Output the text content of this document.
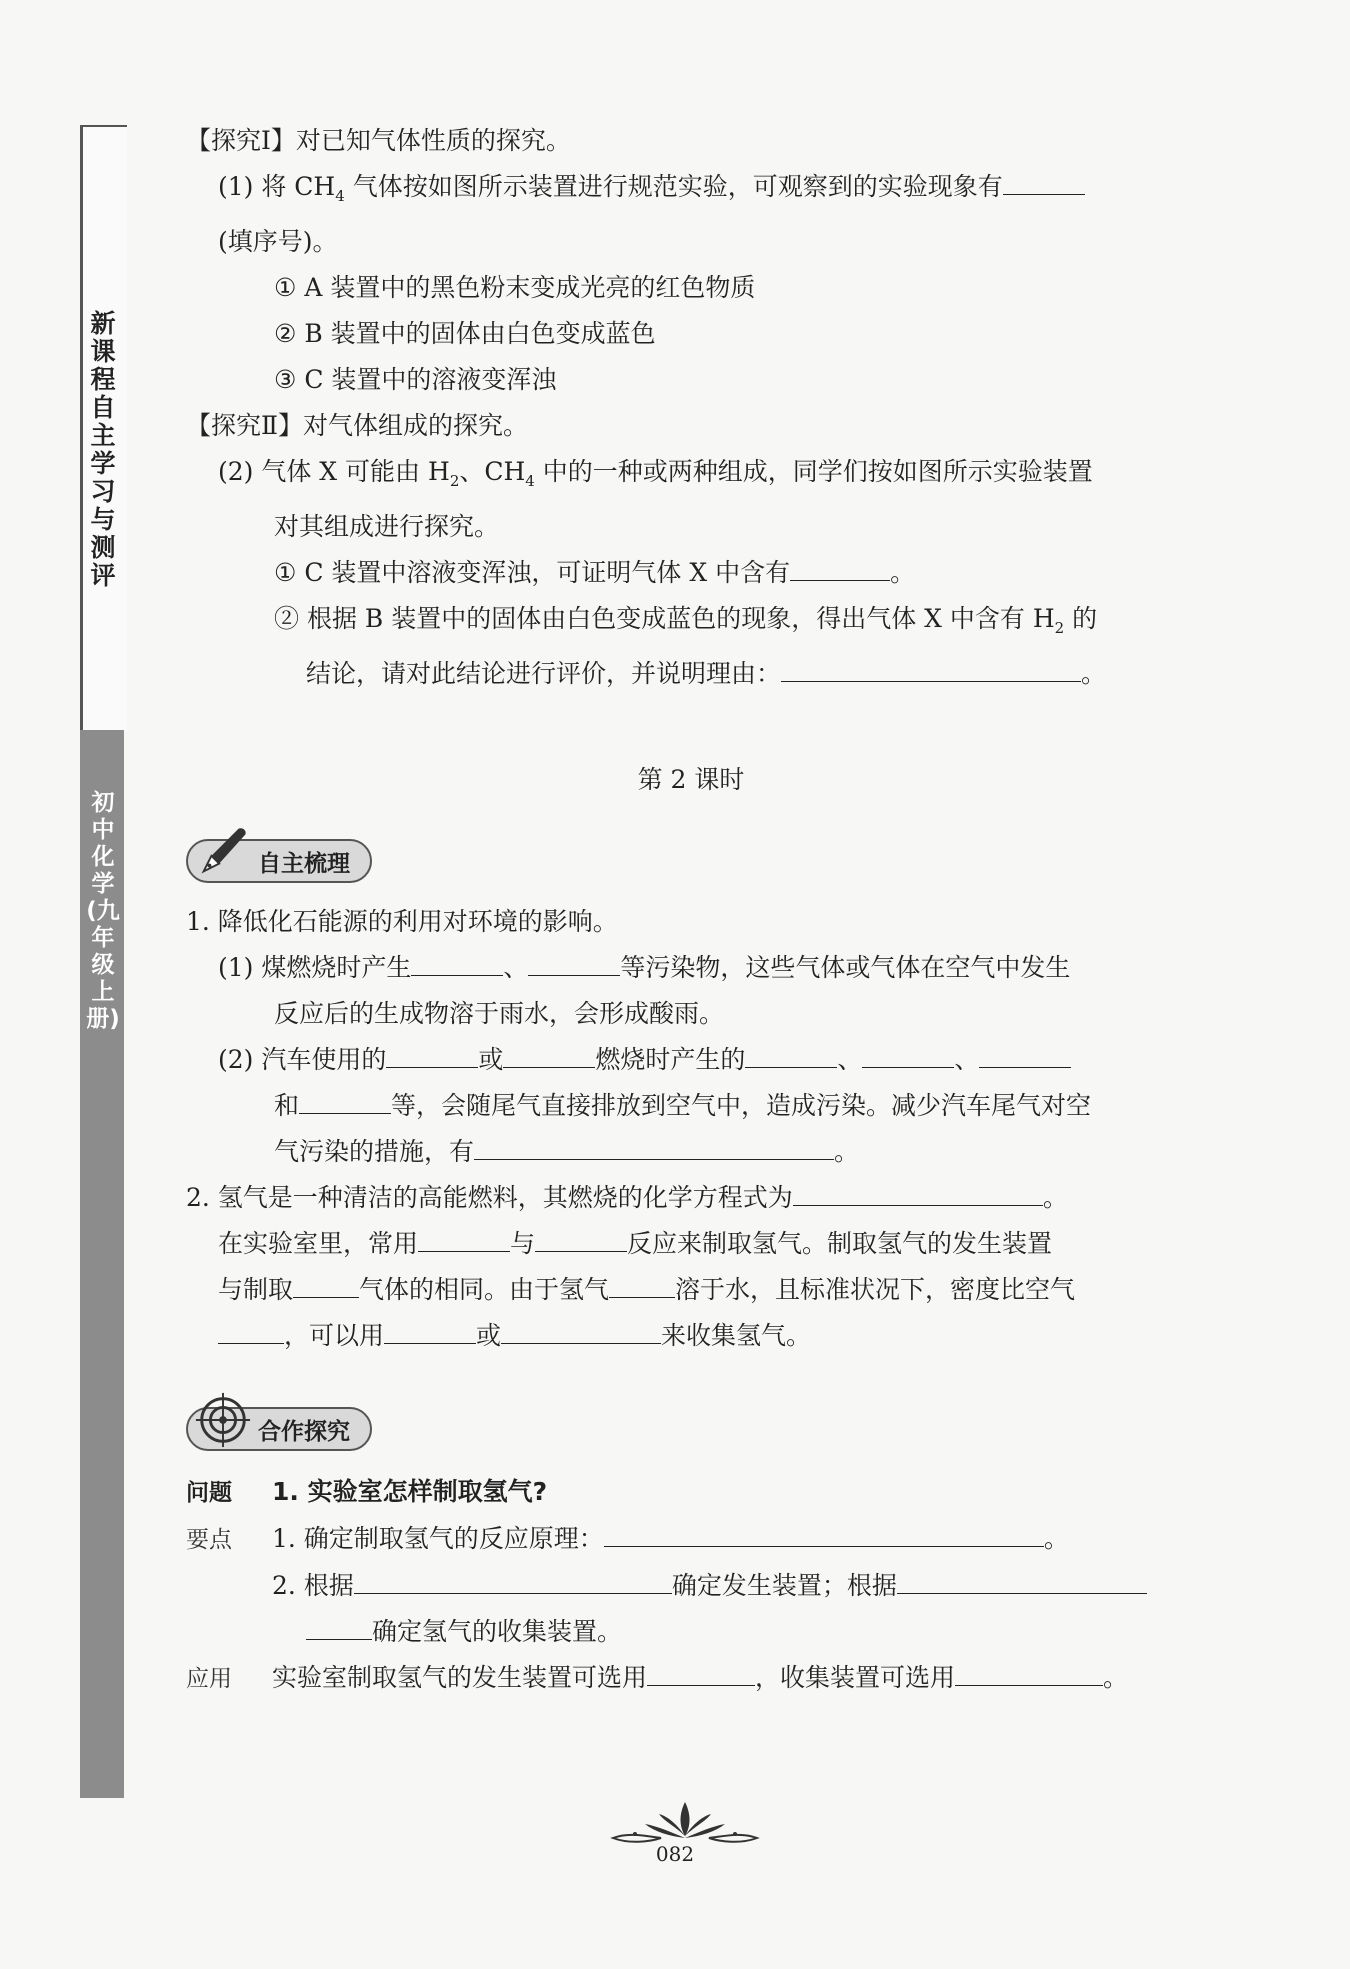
新课程自主学习与测评
初中化学(九年级上册)
【探究Ⅰ】对已知气体性质的探究。
(1) 将 $CH_4$ 气体按如图所示装置进行规范实验，可观察到的实验现象有
(填序号)。
① A 装置中的黑色粉末变成光亮的红色物质
② B 装置中的固体由白色变成蓝色
③ C 装置中的溶液变浑浊
【探究Ⅱ】对气体组成的探究。
(2) 气体 X 可能由 $H_2$、$CH_4$ 中的一种或两种组成，同学们按如图所示实验装置
对其组成进行探究。
① C 装置中溶液变浑浊，可证明气体 X 中含有	。
② 根据 B 装置中的固体由白色变成蓝色的现象，得出气体 X 中含有 $H_2$ 的
结论，请对此结论进行评价，并说明理由：	。
第 2 课时
自主梳理
1. 降低化石能源的利用对环境的影响。
(1) 煤燃烧时产生	、	等污染物，这些气体或气体在空气中发生
反应后的生成物溶于雨水，会形成酸雨。
(2) 汽车使用的	或	燃烧时产生的	、	、
和	等，会随尾气直接排放到空气中，造成污染。减少汽车尾气对空
气污染的措施，有	。
2. 氢气是一种清洁的高能燃料，其燃烧的化学方程式为	。
在实验室里，常用	与	反应来制取氢气。制取氢气的发生装置
与制取	气体的相同。由于氢气	溶于水，且标准状况下，密度比空气
，可以用	或	来收集氢气。
合作探究
问题 1. 实验室怎样制取氢气?
要点 1. 确定制取氢气的反应原理：	。
2. 根据	确定发生装置；根据
确定氢气的收集装置。
应用 实验室制取氢气的发生装置可选用	，收集装置可选用	。
082
